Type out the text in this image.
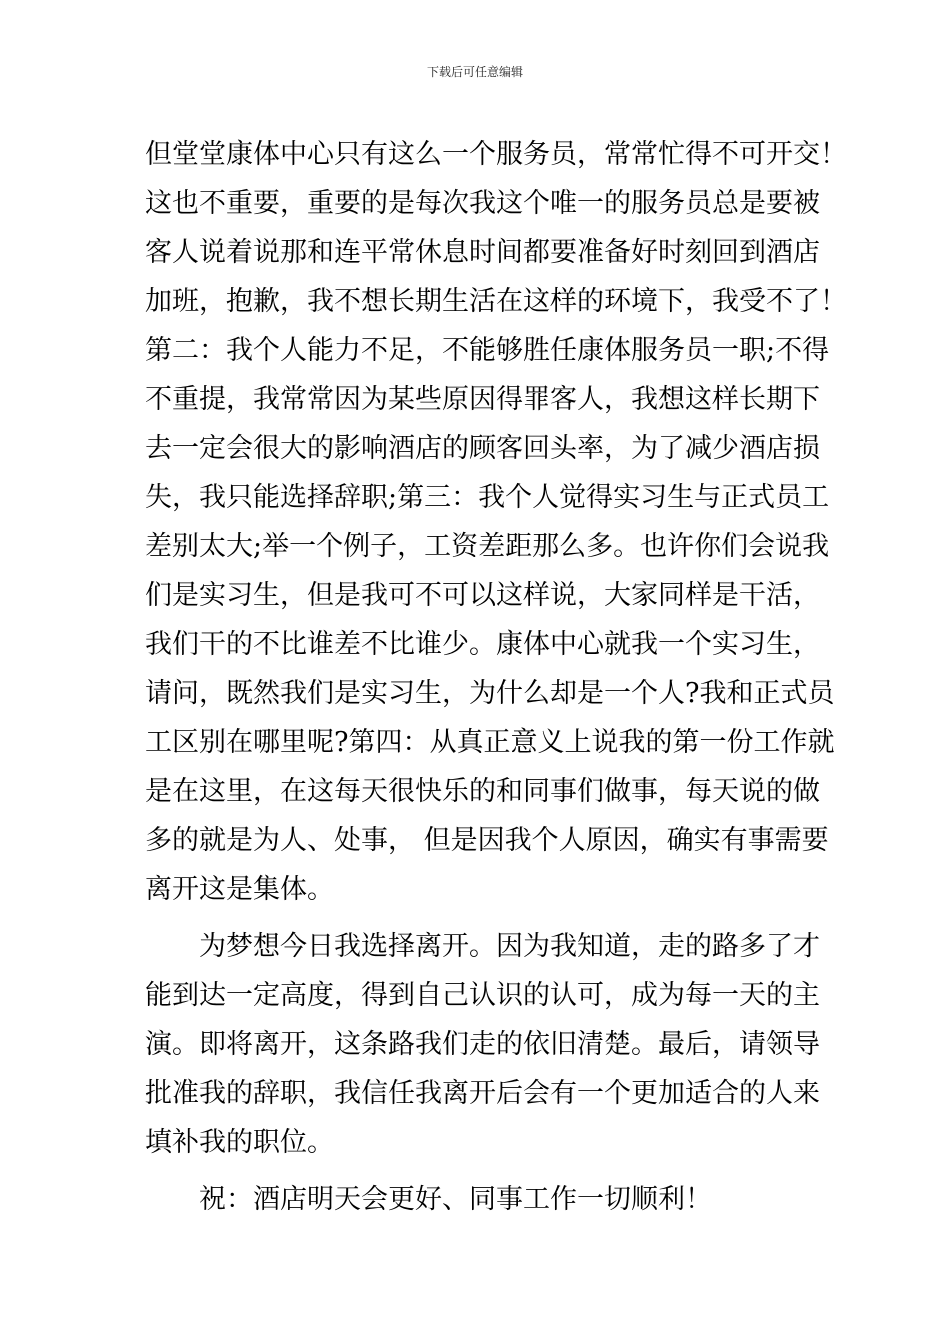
下载后可任意编辑
但堂堂康体中心只有这么一个服务员，常常忙得不可开交！
这也不重要，重要的是每次我这个唯一的服务员总是要被
客人说着说那和连平常休息时间都要准备好时刻回到酒店
加班，抱歉，我不想长期生活在这样的环境下，我受不了！
第二：我个人能力不足，不能够胜任康体服务员一职;不得
不重提，我常常因为某些原因得罪客人，我想这样长期下
去一定会很大的影响酒店的顾客回头率，为了减少酒店损
失，我只能选择辞职;第三：我个人觉得实习生与正式员工
差别太大;举一个例子，工资差距那么多。也许你们会说我
们是实习生，但是我可不可以这样说，大家同样是干活，
我们干的不比谁差不比谁少。康体中心就我一个实习生，
请问，既然我们是实习生，为什么却是一个人?我和正式员
工区别在哪里呢?第四：从真正意义上说我的第一份工作就
是在这里，在这每天很快乐的和同事们做事，每天说的做
多的就是为人、处事， 但是因我个人原因，确实有事需要
离开这是集体。
为梦想今日我选择离开。因为我知道，走的路多了才
能到达一定高度，得到自己认识的认可，成为每一天的主
演。即将离开，这条路我们走的依旧清楚。最后，请领导
批准我的辞职，我信任我离开后会有一个更加适合的人来
填补我的职位。
祝：酒店明天会更好、同事工作一切顺利！
